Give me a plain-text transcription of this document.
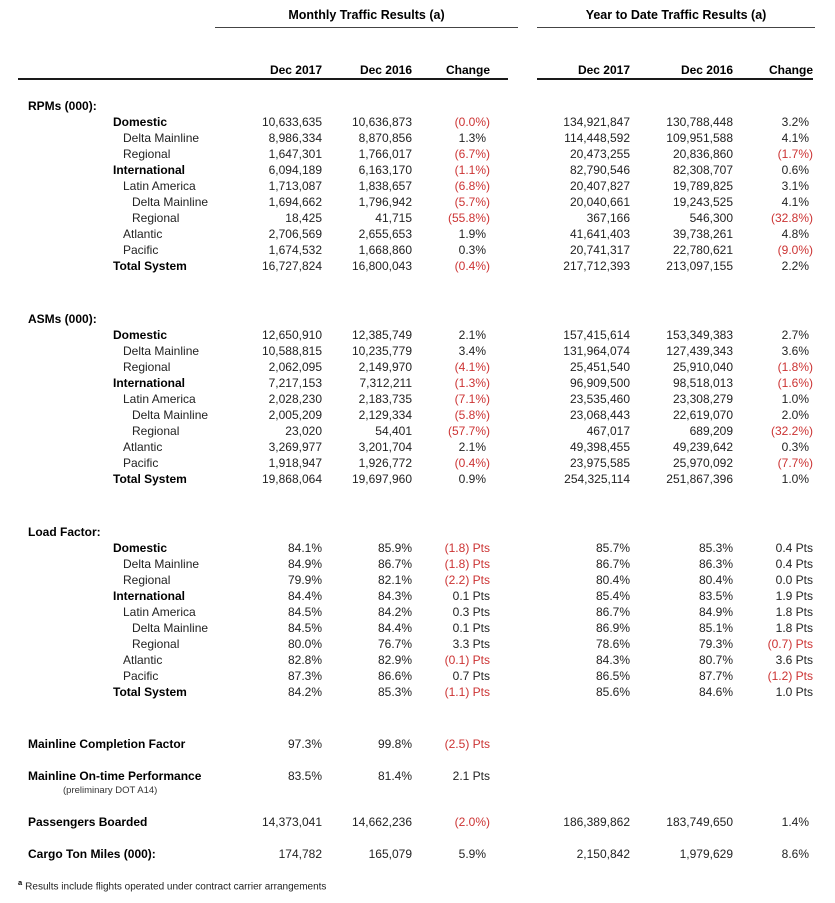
Monthly Traffic Results (a)	Year to Date Traffic Results (a)
Dec 2017	Dec 2016	Change	Dec 2017	Dec 2016	Change
RPMs (000):
Domestic	10,633,635	10,636,873	(0.0%)	134,921,847	130,788,448	3.2%
Delta Mainline	8,986,334	8,870,856	1.3%	114,448,592	109,951,588	4.1%
Regional	1,647,301	1,766,017	(6.7%)	20,473,255	20,836,860	(1.7%)
International	6,094,189	6,163,170	(1.1%)	82,790,546	82,308,707	0.6%
Latin America	1,713,087	1,838,657	(6.8%)	20,407,827	19,789,825	3.1%
Delta Mainline	1,694,662	1,796,942	(5.7%)	20,040,661	19,243,525	4.1%
Regional	18,425	41,715	(55.8%)	367,166	546,300	(32.8%)
Atlantic	2,706,569	2,655,653	1.9%	41,641,403	39,738,261	4.8%
Pacific	1,674,532	1,668,860	0.3%	20,741,317	22,780,621	(9.0%)
Total System	16,727,824	16,800,043	(0.4%)	217,712,393	213,097,155	2.2%
ASMs (000):
Domestic	12,650,910	12,385,749	2.1%	157,415,614	153,349,383	2.7%
Delta Mainline	10,588,815	10,235,779	3.4%	131,964,074	127,439,343	3.6%
Regional	2,062,095	2,149,970	(4.1%)	25,451,540	25,910,040	(1.8%)
International	7,217,153	7,312,211	(1.3%)	96,909,500	98,518,013	(1.6%)
Latin America	2,028,230	2,183,735	(7.1%)	23,535,460	23,308,279	1.0%
Delta Mainline	2,005,209	2,129,334	(5.8%)	23,068,443	22,619,070	2.0%
Regional	23,020	54,401	(57.7%)	467,017	689,209	(32.2%)
Atlantic	3,269,977	3,201,704	2.1%	49,398,455	49,239,642	0.3%
Pacific	1,918,947	1,926,772	(0.4%)	23,975,585	25,970,092	(7.7%)
Total System	19,868,064	19,697,960	0.9%	254,325,114	251,867,396	1.0%
Load Factor:
Domestic	84.1%	85.9%	(1.8) Pts	85.7%	85.3%	0.4 Pts
Delta Mainline	84.9%	86.7%	(1.8) Pts	86.7%	86.3%	0.4 Pts
Regional	79.9%	82.1%	(2.2) Pts	80.4%	80.4%	0.0 Pts
International	84.4%	84.3%	0.1 Pts	85.4%	83.5%	1.9 Pts
Latin America	84.5%	84.2%	0.3 Pts	86.7%	84.9%	1.8 Pts
Delta Mainline	84.5%	84.4%	0.1 Pts	86.9%	85.1%	1.8 Pts
Regional	80.0%	76.7%	3.3 Pts	78.6%	79.3%	(0.7) Pts
Atlantic	82.8%	82.9%	(0.1) Pts	84.3%	80.7%	3.6 Pts
Pacific	87.3%	86.6%	0.7 Pts	86.5%	87.7%	(1.2) Pts
Total System	84.2%	85.3%	(1.1) Pts	85.6%	84.6%	1.0 Pts
Mainline Completion Factor	97.3%	99.8%	(2.5) Pts
Mainline On-time Performance	83.5%	81.4%	2.1 Pts
(preliminary DOT A14)
Passengers Boarded	14,373,041	14,662,236	(2.0%)	186,389,862	183,749,650	1.4%
Cargo Ton Miles (000):	174,782	165,079	5.9%	2,150,842	1,979,629	8.6%
$^a$ Results include flights operated under contract carrier arrangements
